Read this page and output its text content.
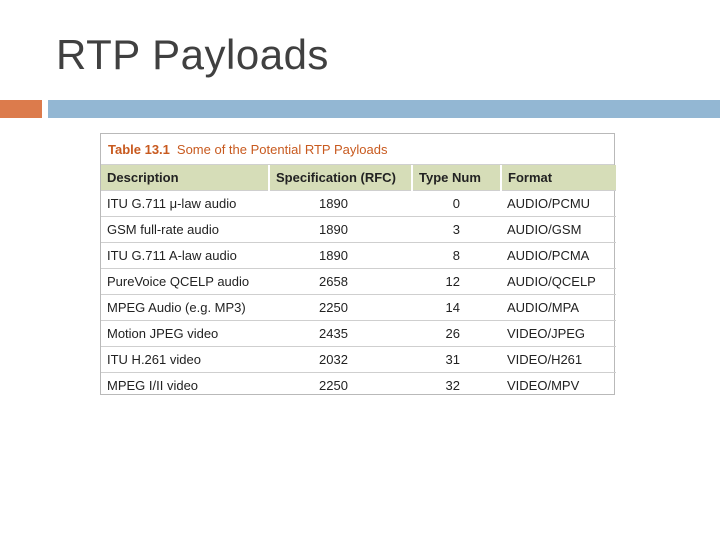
RTP Payloads
Table 13.1 Some of the Potential RTP Payloads
Description	Specification (RFC)	Type Num	Format
ITU G.711 μ-law audio	1890	0	AUDIO/PCMU
GSM full-rate audio	1890	3	AUDIO/GSM
ITU G.711 A-law audio	1890	8	AUDIO/PCMA
PureVoice QCELP audio	2658	12	AUDIO/QCELP
MPEG Audio (e.g. MP3)	2250	14	AUDIO/MPA
Motion JPEG video	2435	26	VIDEO/JPEG
ITU H.261 video	2032	31	VIDEO/H261
MPEG I/II video	2250	32	VIDEO/MPV
